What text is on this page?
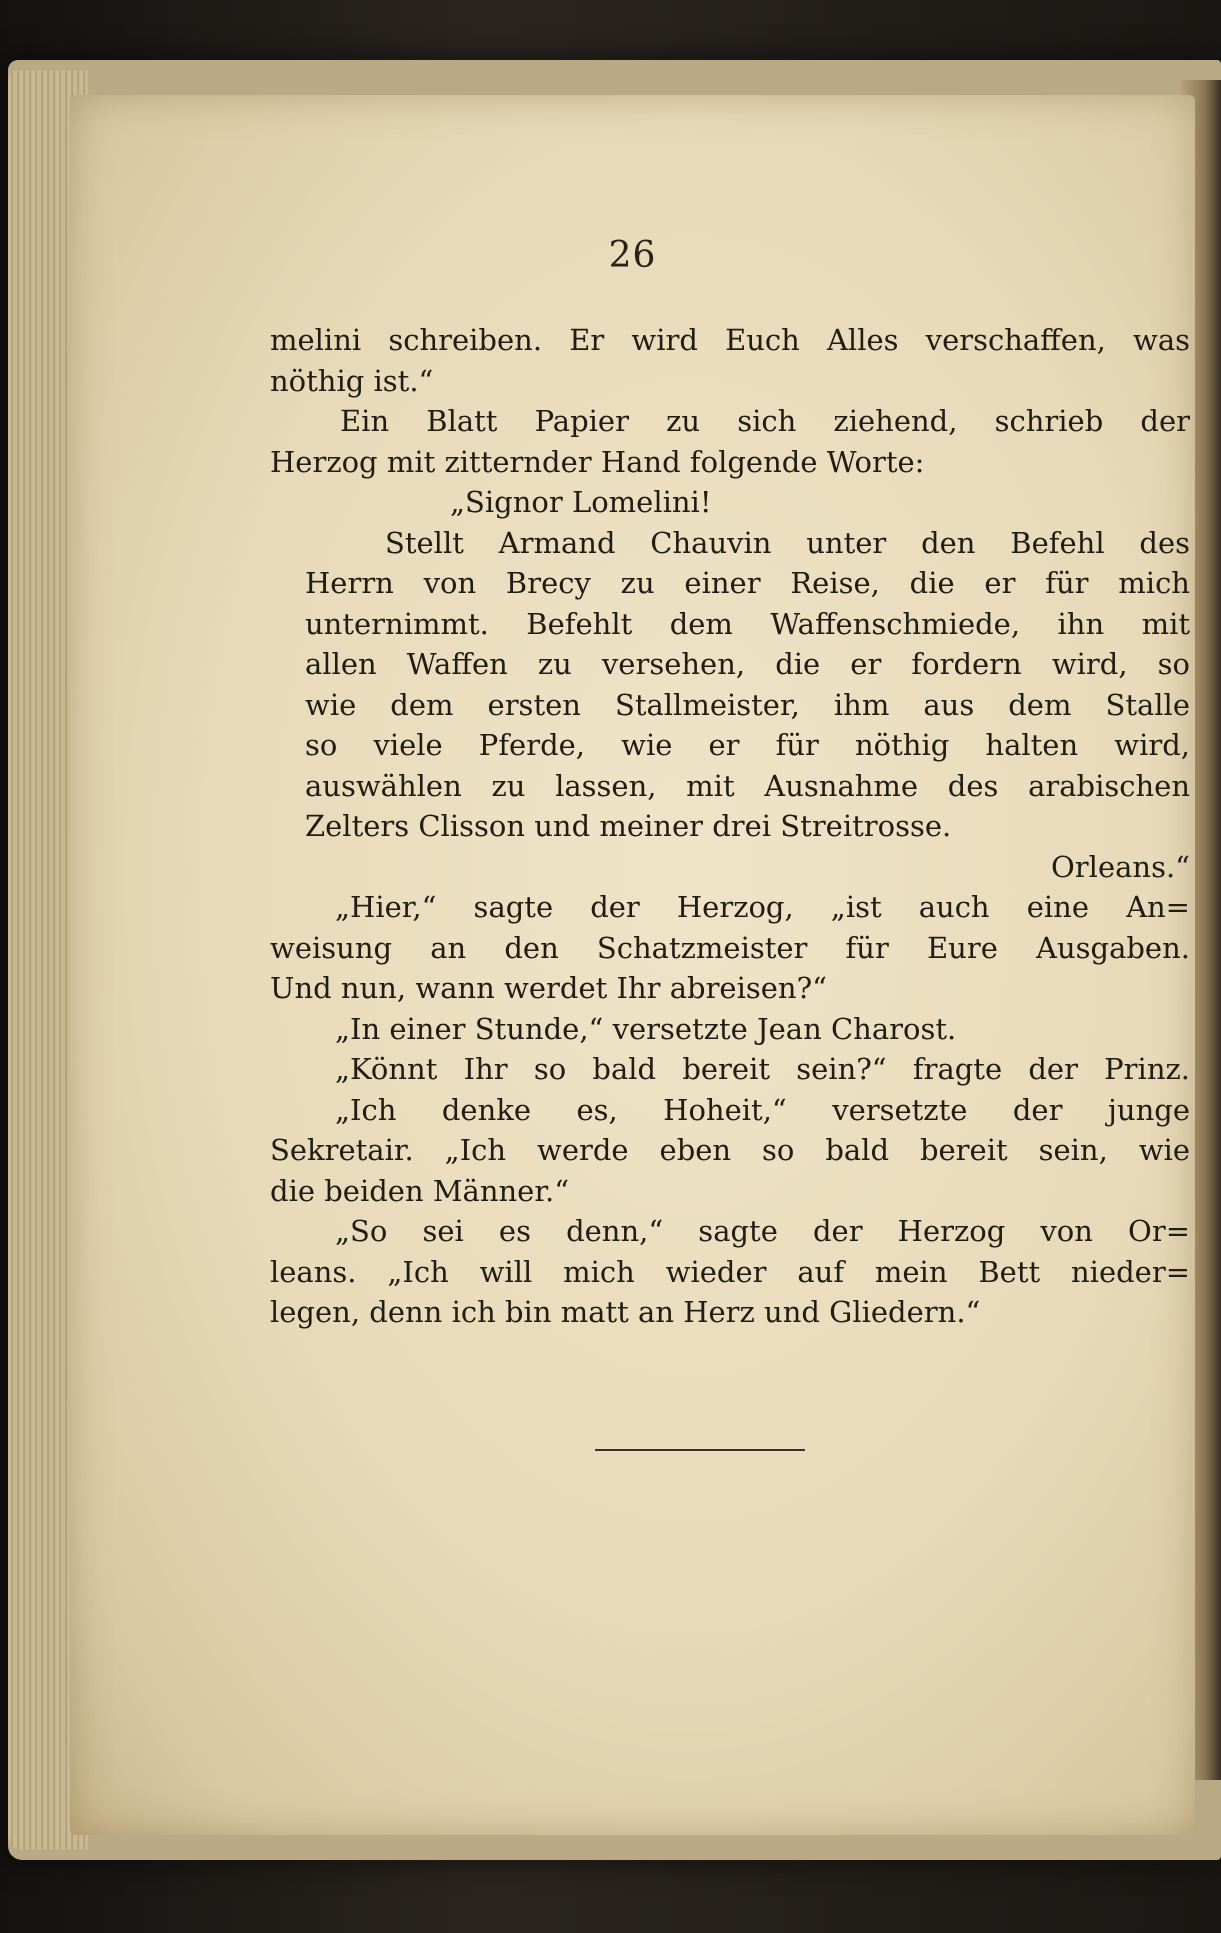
26
melini schreiben. Er wird Euch Alles verschaffen, was
nöthig ist.“
Ein Blatt Papier zu sich ziehend, schrieb der
Herzog mit zitternder Hand folgende Worte:
„Signor Lomelini!
Stellt Armand Chauvin unter den Befehl des
Herrn von Brecy zu einer Reise, die er für mich
unternimmt. Befehlt dem Waffenschmiede, ihn mit
allen Waffen zu versehen, die er fordern wird, so
wie dem ersten Stallmeister, ihm aus dem Stalle
so viele Pferde, wie er für nöthig halten wird,
auswählen zu lassen, mit Ausnahme des arabischen
Zelters Clisson und meiner drei Streitrosse.
Orleans.“
„Hier,“ sagte der Herzog, „ist auch eine An=
weisung an den Schatzmeister für Eure Ausgaben.
Und nun, wann werdet Ihr abreisen?“
„In einer Stunde,“ versetzte Jean Charost.
„Könnt Ihr so bald bereit sein?“ fragte der Prinz.
„Ich denke es, Hoheit,“ versetzte der junge
Sekretair. „Ich werde eben so bald bereit sein, wie
die beiden Männer.“
„So sei es denn,“ sagte der Herzog von Or=
leans. „Ich will mich wieder auf mein Bett nieder=
legen, denn ich bin matt an Herz und Gliedern.“
